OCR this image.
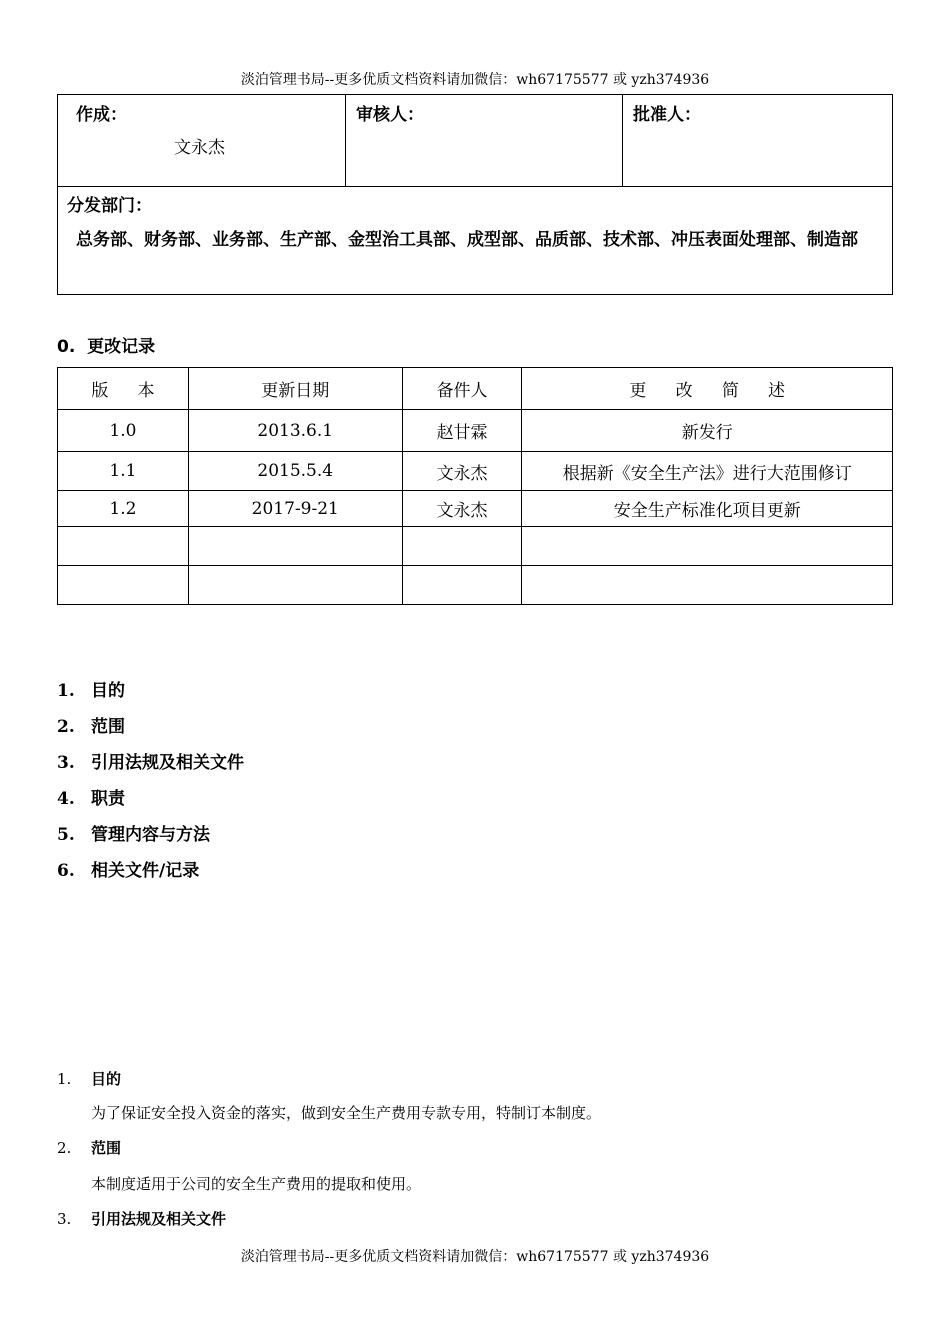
淡泊管理书局--更多优质文档资料请加微信：wh67175577 或 yzh374936
作成：
文永杰
审核人：	批准人：
分发部门：
总务部、财务部、业务部、生产部、金型治工具部、成型部、品质部、技术部、冲压表面处理部、制造部
0. 更改记录
版 本	更新日期	备件人	更 改 简 述
1.0	2013.6.1	赵甘霖	新发行
1.1	2015.5.4	文永杰	根据新《安全生产法》进行大范围修订
1.2	2017-9-21	文永杰	安全生产标准化项目更新

1. 目的
2. 范围
3. 引用法规及相关文件
4. 职责
5. 管理内容与方法
6. 相关文件/记录
1. 目的
为了保证安全投入资金的落实，做到安全生产费用专款专用，特制订本制度。
2. 范围
本制度适用于公司的安全生产费用的提取和使用。
3. 引用法规及相关文件
淡泊管理书局--更多优质文档资料请加微信：wh67175577 或 yzh374936
